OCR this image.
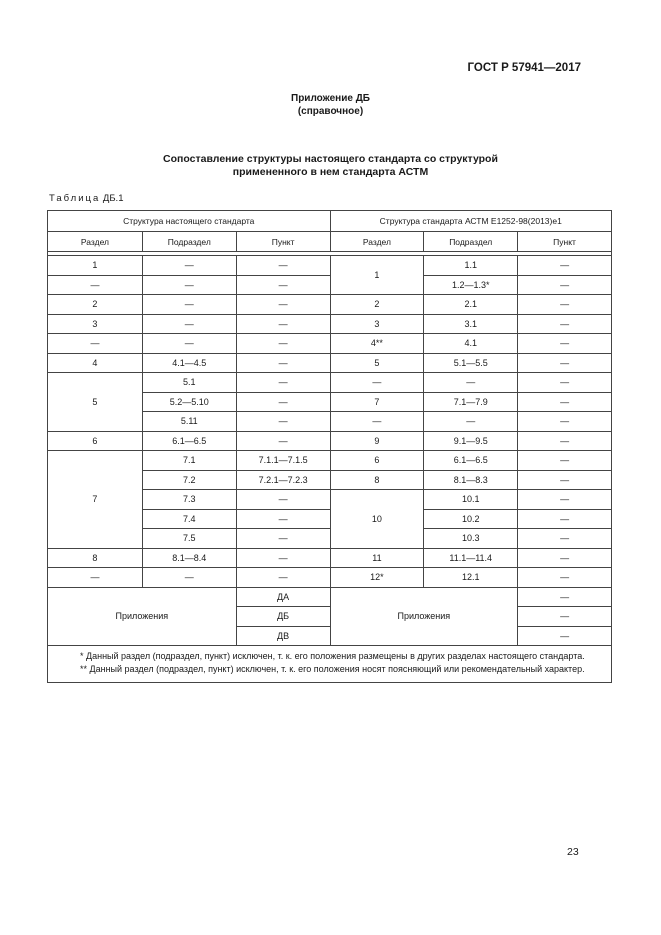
ГОСТ Р 57941—2017
Приложение ДБ
(справочное)
Сопоставление структуры настоящего стандарта со структурой
примененного в нем стандарта АСТМ
Таблица ДБ.1
Структура настоящего стандарта			Структура стандарта АСТМ Е1252-98(2013)е1		
Раздел	Подраздел	Пункт	Раздел	Подраздел	Пункт

1	—	—	1	1.1	—
—	—	—		1.2—1.3*	—
2	—	—	2	2.1	—
3	—	—	3	3.1	—
—	—	—	4**	4.1	—
4	4.1—4.5	—	5	5.1—5.5	—
5	5.1	—	—	—	—
	5.2—5.10	—	7	7.1—7.9	—
	5.11	—	—	—	—
6	6.1—6.5	—	9	9.1—9.5	—
7	7.1	7.1.1—7.1.5	6	6.1—6.5	—
	7.2	7.2.1—7.2.3	8	8.1—8.3	—
	7.3	—	10	10.1	—
	7.4	—		10.2	—
	7.5	—		10.3	—
8	8.1—8.4	—	11	11.1—11.4	—
—	—	—	12*	12.1	—
Приложения		ДА	Приложения		—
		ДБ			—
		ДВ			—

* Данный раздел (подраздел, пункт) исключен, т. к. его положения размещены в других разделах настоящего стандарта.

** Данный раздел (подраздел, пункт) исключен, т. к. его положения носят поясняющий или рекомендательный характер.					

23
